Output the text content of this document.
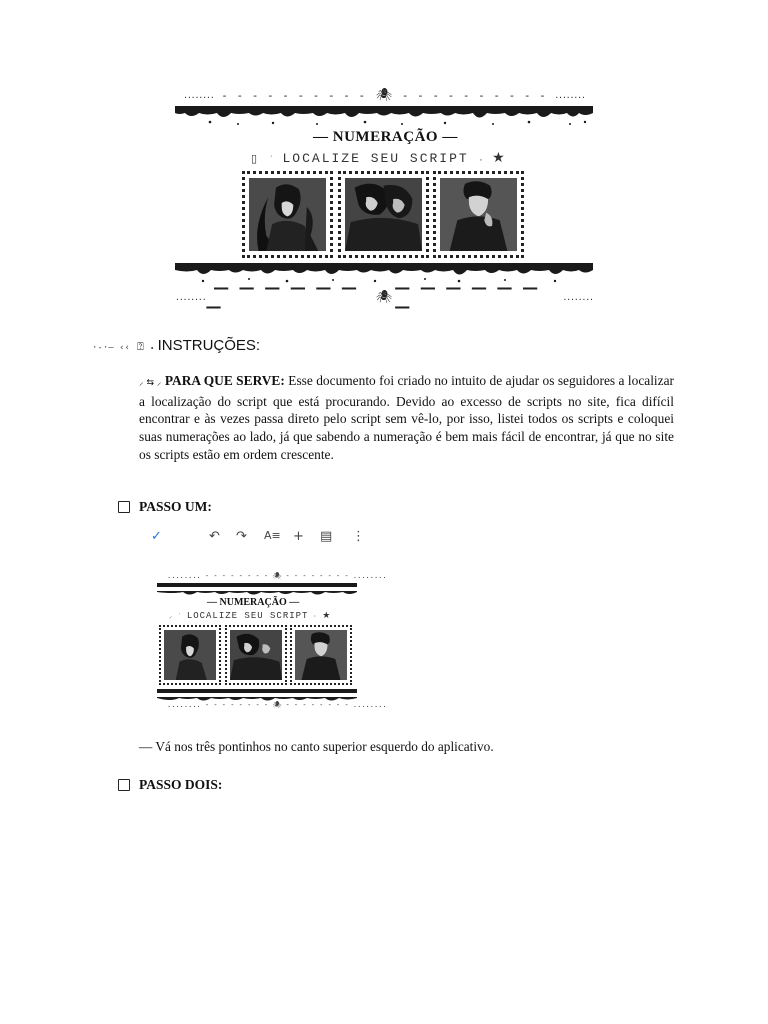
........ - - - - - - - - - - 🕷 - - - - - - - - - - ........
— NUMERAÇÃO —
▯ ˙ LOCALIZE SEU SCRIPT · ★
........ — — — — — — —	🕷 — — — — — — —	........
·-·— ‹‹ ⍰ ⬩ INSTRUÇÕES:
⸝ ⇆ ⸝ PARA QUE SERVE: Esse documento foi criado no intuito de ajudar os seguidores a localizar a localização do script que está procurando. Devido ao excesso de scripts no site, fica difícil encontrar e às vezes passa direto pelo script sem vê-lo, por isso, listei todos os scripts e coloquei suas numerações ao lado, já que sabendo a numeração é bem mais fácil de encontrar, já que no site os scripts estão em ordem crescente.
PASSO UM:
✓	↶ ↷ A≡ + ▤ ⋮
........ - - - - - - - - 🕷 - - - - - - - - ........
— NUMERAÇÃO —
⸝ ˙ LOCALIZE SEU SCRIPT · ★
........ - - - - - - - - 🕷 - - - - - - - - ........
— Vá nos três pontinhos no canto superior esquerdo do aplicativo.
PASSO DOIS:
